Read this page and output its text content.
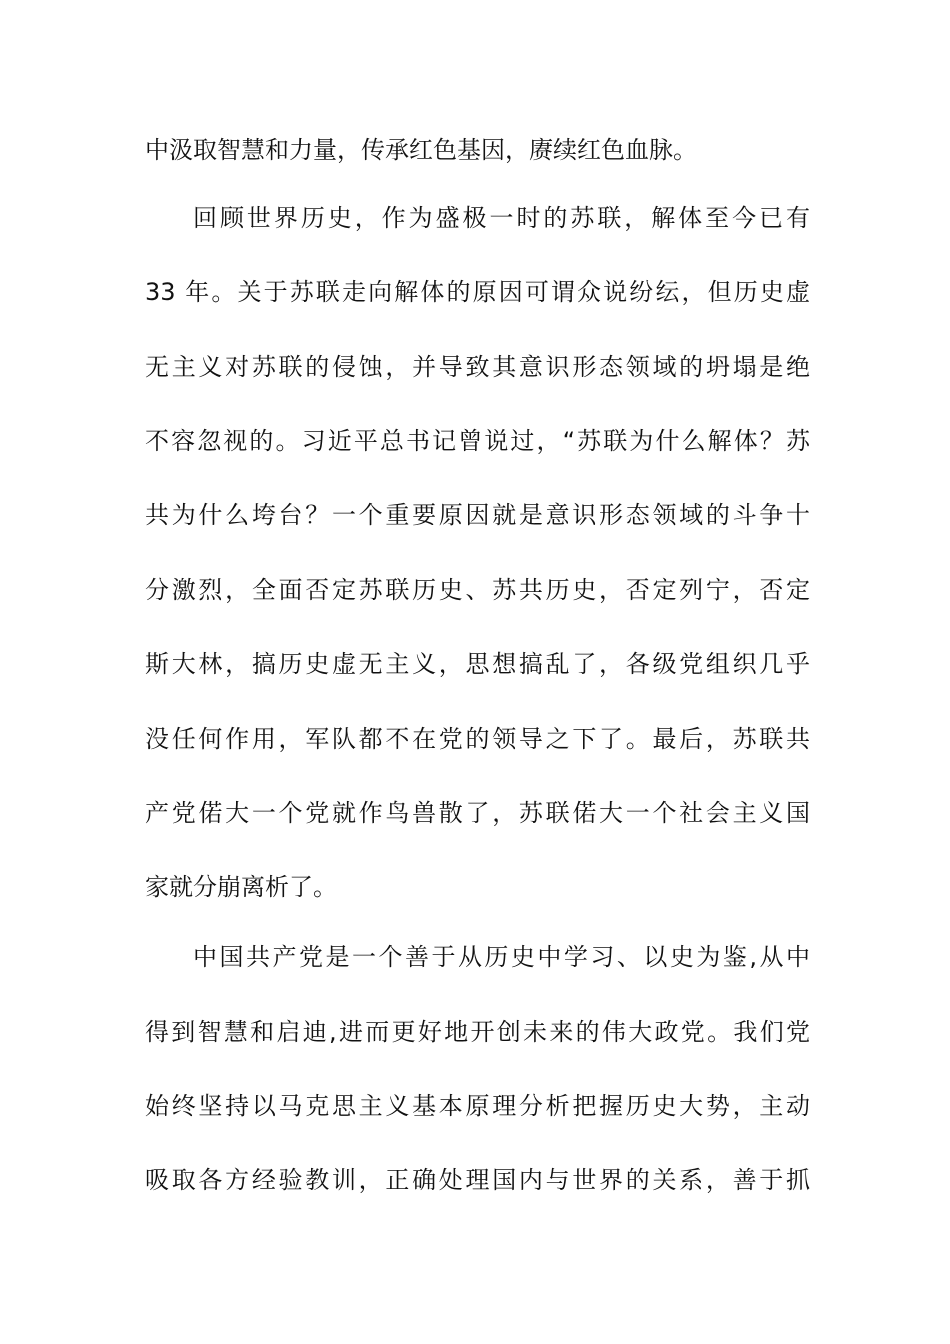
中汲取智慧和力量，传承红色基因，赓续红色血脉。
回顾世界历史，作为盛极一时的苏联，解体至今已有
33 年。关于苏联走向解体的原因可谓众说纷纭，但历史虚
无主义对苏联的侵蚀，并导致其意识形态领域的坍塌是绝
不容忽视的。习近平总书记曾说过，“苏联为什么解体？苏
共为什么垮台？一个重要原因就是意识形态领域的斗争十
分激烈，全面否定苏联历史、苏共历史，否定列宁，否定
斯大林，搞历史虚无主义，思想搞乱了，各级党组织几乎
没任何作用，军队都不在党的领导之下了。最后，苏联共
产党偌大一个党就作鸟兽散了，苏联偌大一个社会主义国
家就分崩离析了。
中国共产党是一个善于从历史中学习、以史为鉴,从中
得到智慧和启迪,进而更好地开创未来的伟大政党。我们党
始终坚持以马克思主义基本原理分析把握历史大势，主动
吸取各方经验教训，正确处理国内与世界的关系，善于抓
